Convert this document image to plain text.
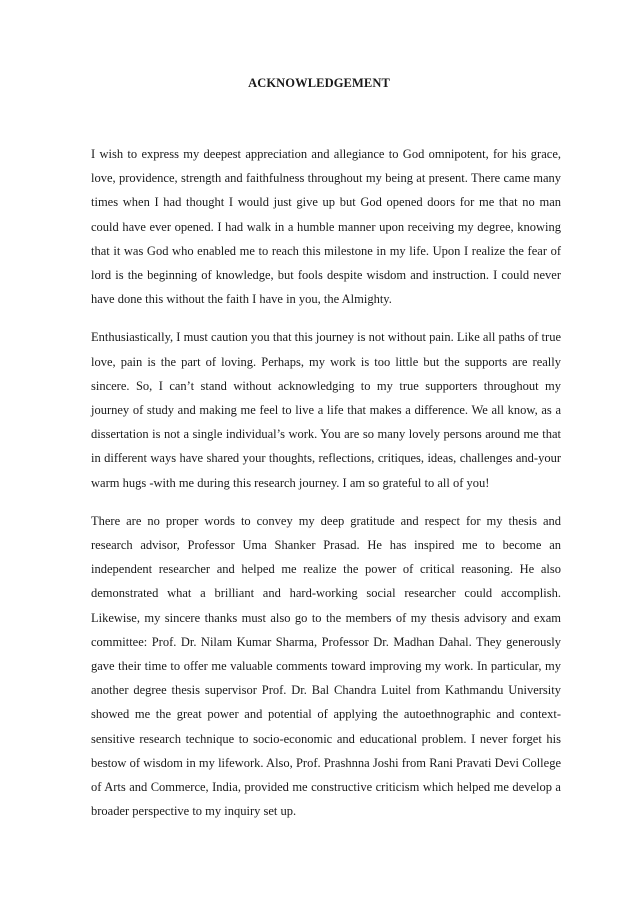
ACKNOWLEDGEMENT

I wish to express my deepest appreciation and allegiance to God omnipotent, for his grace, love, providence, strength and faithfulness throughout my being at present. There came many times when I had thought I would just give up but God opened doors for me that no man could have ever opened. I had walk in a humble manner upon receiving my degree, knowing that it was God who enabled me to reach this milestone in my life. Upon I realize the fear of lord is the beginning of knowledge, but fools despite wisdom and instruction. I could never have done this without the faith I have in you, the Almighty.

Enthusiastically, I must caution you that this journey is not without pain. Like all paths of true love, pain is the part of loving. Perhaps, my work is too little but the supports are really sincere. So, I can’t stand without acknowledging to my true supporters throughout my journey of study and making me feel to live a life that makes a difference. We all know, as a dissertation is not a single individual’s work. You are so many lovely persons around me that in different ways have shared your thoughts, reflections, critiques, ideas, challenges and-your warm hugs -with me during this research journey. I am so grateful to all of you!

There are no proper words to convey my deep gratitude and respect for my thesis and research advisor, Professor Uma Shanker Prasad. He has inspired me to become an independent researcher and helped me realize the power of critical reasoning. He also demonstrated what a brilliant and hard-working social researcher could accomplish. Likewise, my sincere thanks must also go to the members of my thesis advisory and exam committee: Prof. Dr. Nilam Kumar Sharma, Professor Dr. Madhan Dahal. They generously gave their time to offer me valuable comments toward improving my work. In particular, my another degree thesis supervisor Prof. Dr. Bal Chandra Luitel from Kathmandu University showed me the great power and potential of applying the autoethnographic and context-sensitive research technique to socio-economic and educational problem. I never forget his bestow of wisdom in my lifework. Also, Prof. Prashnna Joshi from Rani Pravati Devi College of Arts and Commerce, India, provided me constructive criticism which helped me develop a broader perspective to my inquiry set up.
